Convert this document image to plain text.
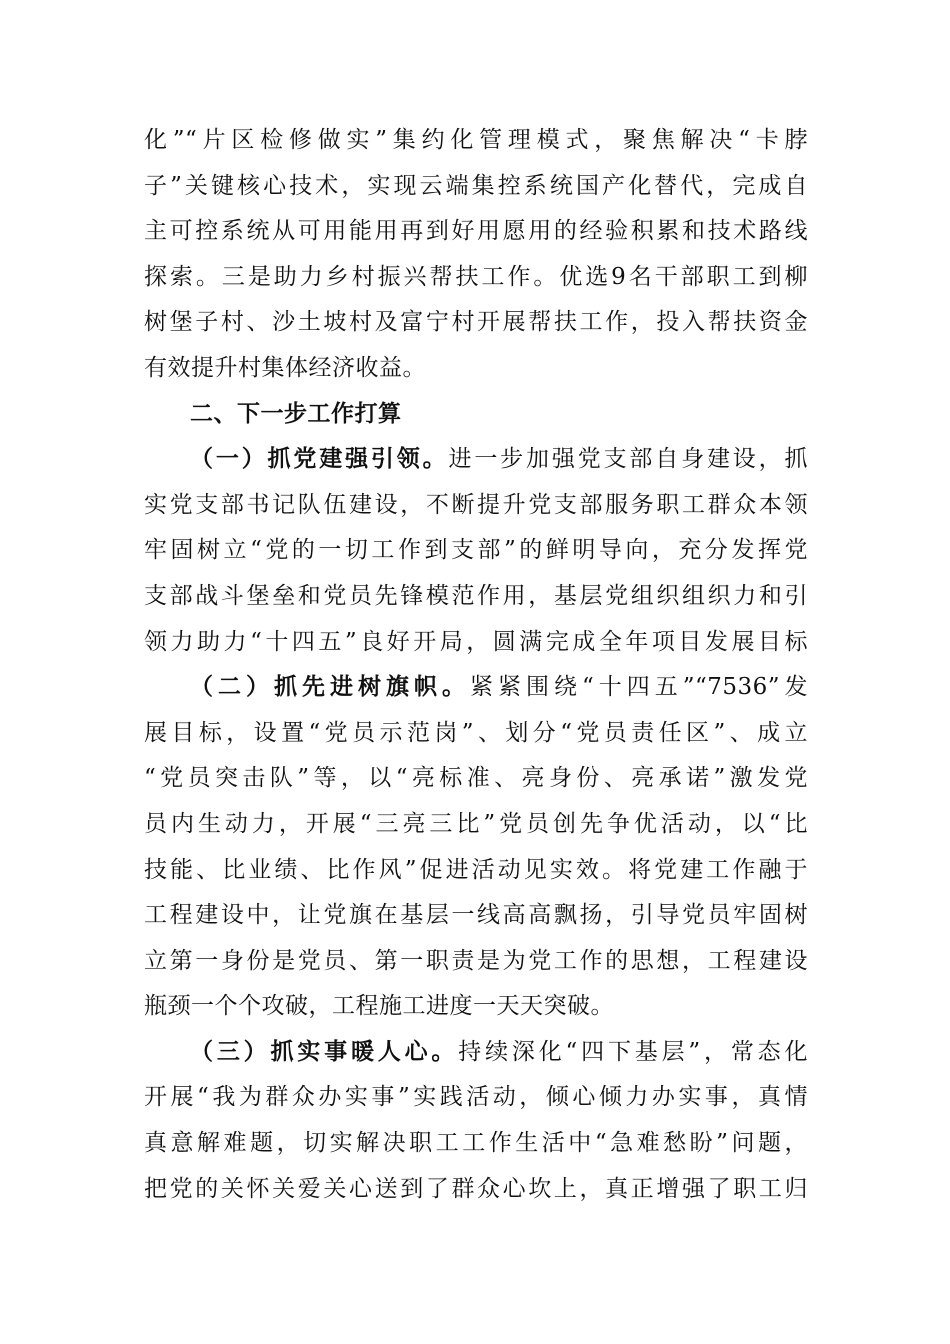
化”“片区检修做实”集约化管理模式，聚焦解决“卡脖
子”关键核心技术，实现云端集控系统国产化替代，完成自
主可控系统从可用能用再到好用愿用的经验积累和技术路线
探索。三是助力乡村振兴帮扶工作。优选9名干部职工到柳
树堡子村、沙土坡村及富宁村开展帮扶工作，投入帮扶资金
有效提升村集体经济收益。
二、下一步工作打算
（一）抓党建强引领。进一步加强党支部自身建设，抓
实党支部书记队伍建设，不断提升党支部服务职工群众本领
牢固树立“党的一切工作到支部”的鲜明导向，充分发挥党
支部战斗堡垒和党员先锋模范作用，基层党组织组织力和引
领力助力“十四五”良好开局，圆满完成全年项目发展目标
（二）抓先进树旗帜。紧紧围绕“十四五”“7536”发
展目标，设置“党员示范岗”、划分“党员责任区”、成立
“党员突击队”等，以“亮标准、亮身份、亮承诺”激发党
员内生动力，开展“三亮三比”党员创先争优活动，以“比
技能、比业绩、比作风”促进活动见实效。将党建工作融于
工程建设中，让党旗在基层一线高高飘扬，引导党员牢固树
立第一身份是党员、第一职责是为党工作的思想，工程建设
瓶颈一个个攻破，工程施工进度一天天突破。
（三）抓实事暖人心。持续深化“四下基层”，常态化
开展“我为群众办实事”实践活动，倾心倾力办实事，真情
真意解难题，切实解决职工工作生活中“急难愁盼”问题，
把党的关怀关爱关心送到了群众心坎上，真正增强了职工归
